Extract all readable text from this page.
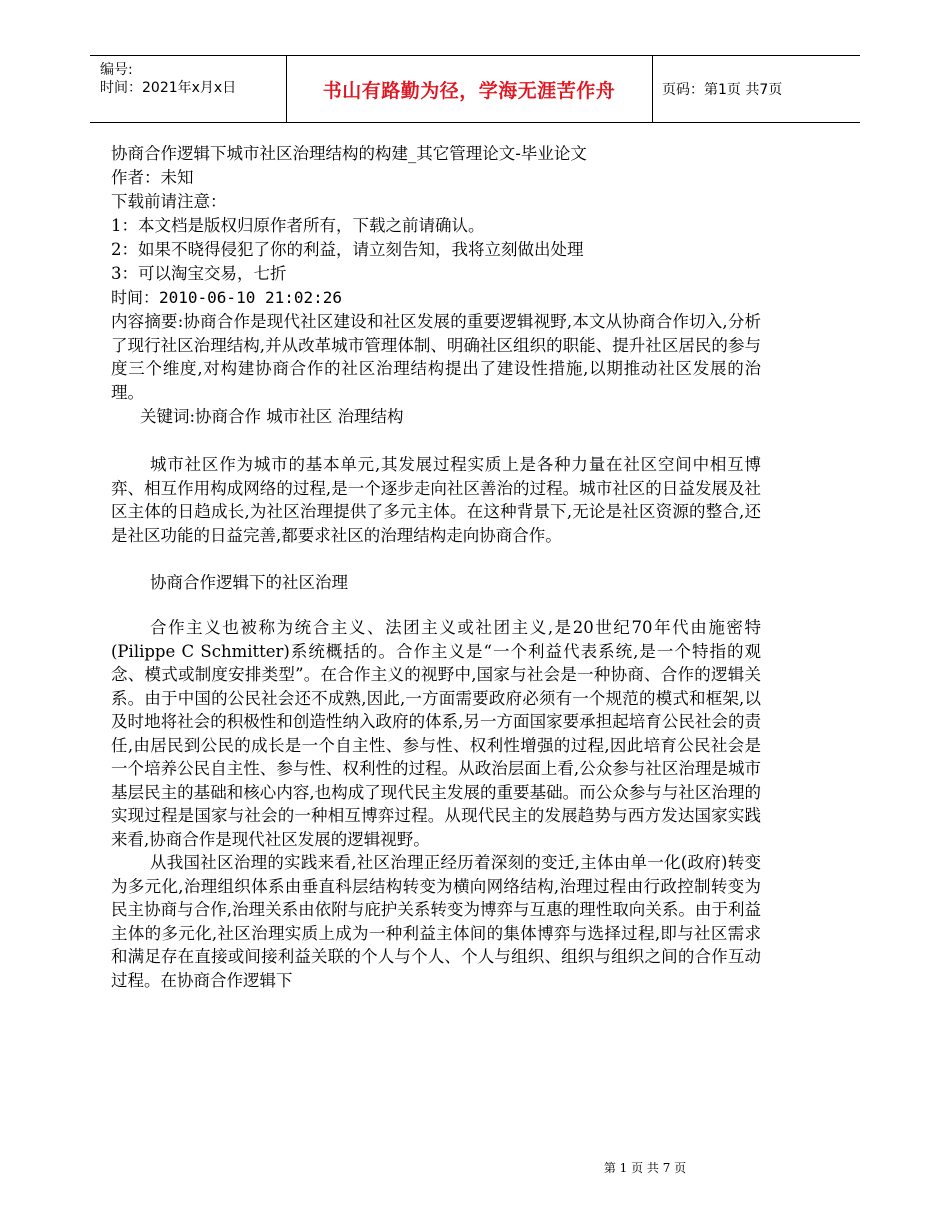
编号:
时间：2021年x月x日	书山有路勤为径，学海无涯苦作舟	页码：第1页 共7页
协商合作逻辑下城市社区治理结构的构建_其它管理论文-毕业论文
作者：未知
下载前请注意：
1：本文档是版权归原作者所有，下载之前请确认。
2：如果不晓得侵犯了你的利益，请立刻告知，我将立刻做出处理
3：可以淘宝交易，七折
时间：2010-06-10 21:02:26

内容摘要:协商合作是现代社区建设和社区发展的重要逻辑视野,本文从协商合作切入,分析了现行社区治理结构,并从改革城市管理体制、明确社区组织的职能、提升社区居民的参与度三个维度,对构建协商合作的社区治理结构提出了建设性措施,以期推动社区发展的治理。

关键词:协商合作 城市社区 治理结构

城市社区作为城市的基本单元,其发展过程实质上是各种力量在社区空间中相互博弈、相互作用构成网络的过程,是一个逐步走向社区善治的过程。城市社区的日益发展及社区主体的日趋成长,为社区治理提供了多元主体。在这种背景下,无论是社区资源的整合,还是社区功能的日益完善,都要求社区的治理结构走向协商合作。

协商合作逻辑下的社区治理

合作主义也被称为统合主义、法团主义或社团主义,是20世纪70年代由施密特(Pilippe C Schmitter)系统概括的。合作主义是“一个利益代表系统,是一个特指的观念、模式或制度安排类型”。在合作主义的视野中,国家与社会是一种协商、合作的逻辑关系。由于中国的公民社会还不成熟,因此,一方面需要政府必须有一个规范的模式和框架,以及时地将社会的积极性和创造性纳入政府的体系,另一方面国家要承担起培育公民社会的责任,由居民到公民的成长是一个自主性、参与性、权利性增强的过程,因此培育公民社会是一个培养公民自主性、参与性、权利性的过程。从政治层面上看,公众参与社区治理是城市基层民主的基础和核心内容,也构成了现代民主发展的重要基础。而公众参与与社区治理的实现过程是国家与社会的一种相互博弈过程。从现代民主的发展趋势与西方发达国家实践来看,协商合作是现代社区发展的逻辑视野。

从我国社区治理的实践来看,社区治理正经历着深刻的变迁,主体由单一化(政府)转变为多元化,治理组织体系由垂直科层结构转变为横向网络结构,治理过程由行政控制转变为民主协商与合作,治理关系由依附与庇护关系转变为博弈与互惠的理性取向关系。由于利益主体的多元化,社区治理实质上成为一种利益主体间的集体博弈与选择过程,即与社区需求和满足存在直接或间接利益关联的个人与个人、个人与组织、组织与组织之间的合作互动过程。在协商合作逻辑下

第 1 页 共 7 页
